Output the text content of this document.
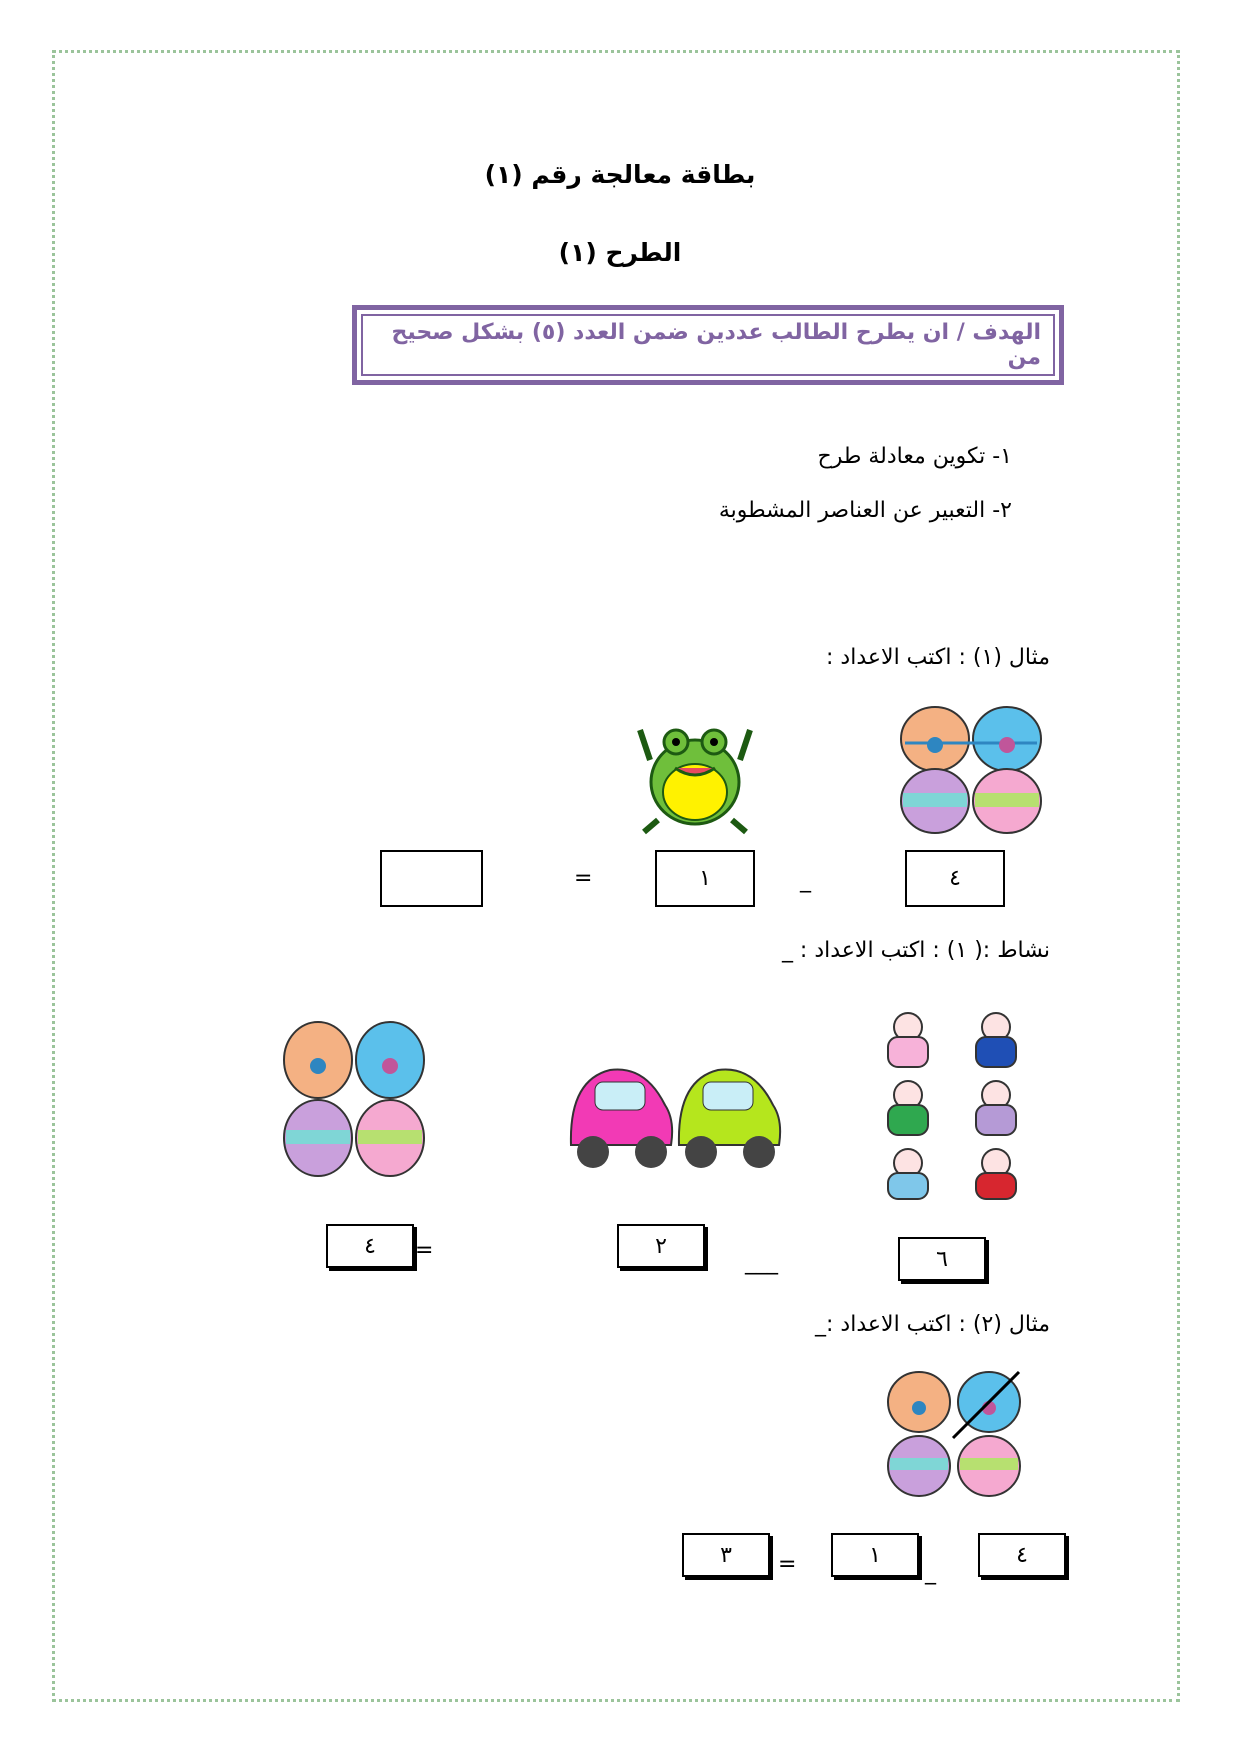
بطاقة معالجة رقم (١)
الطرح (١)
الهدف / ان يطرح الطالب عددين ضمن العدد (٥) بشكل صحيح من
١- تكوين معادلة طرح
٢- التعبير عن العناصر المشطوبة
مثال (١) : اكتب الاعداد :
٤
_
١
=
نشاط :( ١) : اكتب الاعداد : _
٦
___
٢
٤	=
مثال (٢) : اكتب الاعداد :_
٤
_
١
=
٣
